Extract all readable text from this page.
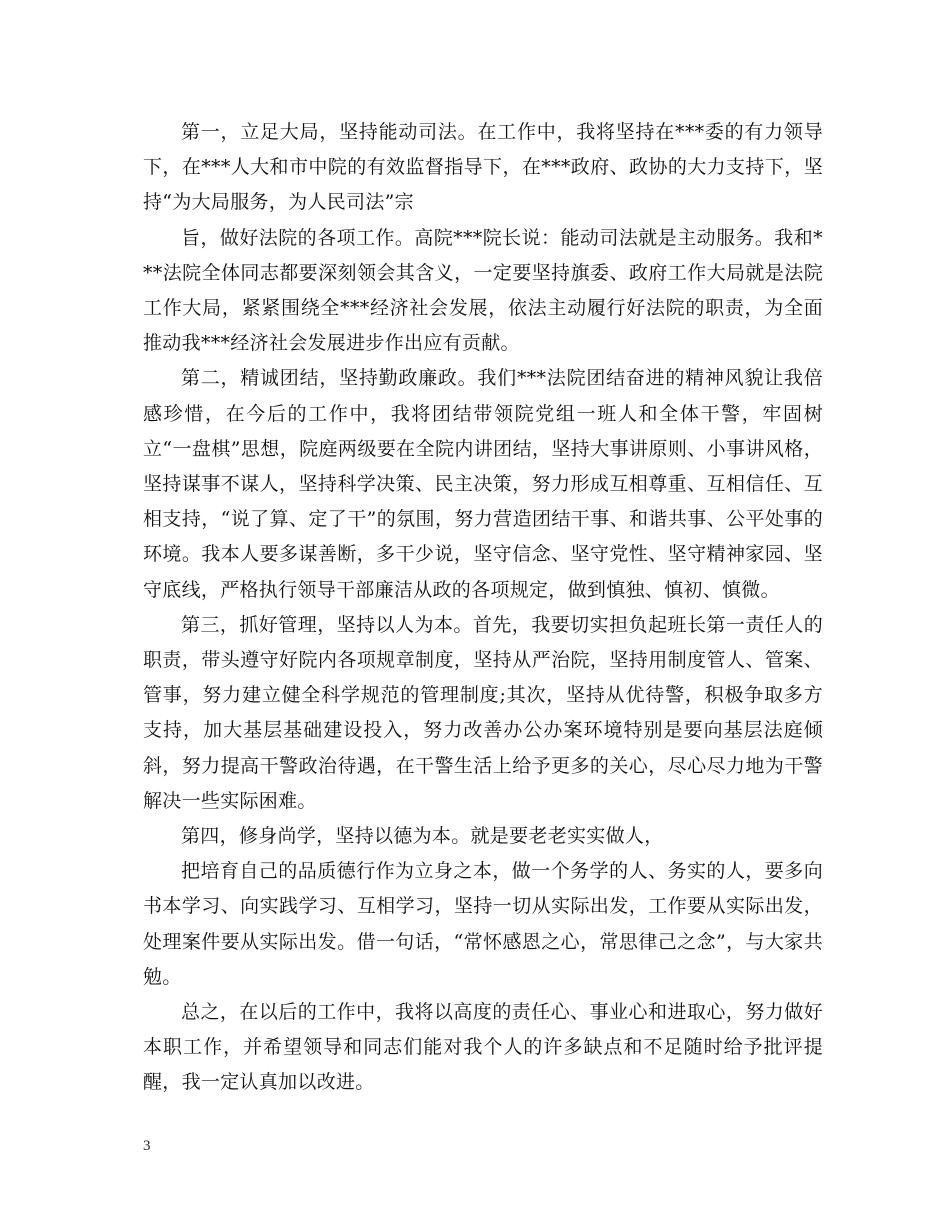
第一，立足大局，坚持能动司法。在工作中，我将坚持在***委的有力领导下，在***人大和市中院的有效监督指导下，在***政府、政协的大力支持下，坚持“为大局服务，为人民司法”宗

旨，做好法院的各项工作。高院***院长说：能动司法就是主动服务。我和***法院全体同志都要深刻领会其含义，一定要坚持旗委、政府工作大局就是法院工作大局，紧紧围绕全***经济社会发展，依法主动履行好法院的职责，为全面推动我***经济社会发展进步作出应有贡献。

第二，精诚团结，坚持勤政廉政。我们***法院团结奋进的精神风貌让我倍感珍惜，在今后的工作中，我将团结带领院党组一班人和全体干警，牢固树立“一盘棋”思想，院庭两级要在全院内讲团结，坚持大事讲原则、小事讲风格，坚持谋事不谋人，坚持科学决策、民主决策，努力形成互相尊重、互相信任、互相支持，“说了算、定了干”的氛围，努力营造团结干事、和谐共事、公平处事的环境。我本人要多谋善断，多干少说，坚守信念、坚守党性、坚守精神家园、坚守底线，严格执行领导干部廉洁从政的各项规定，做到慎独、慎初、慎微。

第三，抓好管理，坚持以人为本。首先，我要切实担负起班长第一责任人的职责，带头遵守好院内各项规章制度，坚持从严治院，坚持用制度管人、管案、管事，努力建立健全科学规范的管理制度;其次，坚持从优待警，积极争取多方支持，加大基层基础建设投入，努力改善办公办案环境特别是要向基层法庭倾斜，努力提高干警政治待遇，在干警生活上给予更多的关心，尽心尽力地为干警解决一些实际困难。

第四，修身尚学，坚持以德为本。就是要老老实实做人，

把培育自己的品质德行作为立身之本，做一个务学的人、务实的人，要多向书本学习、向实践学习、互相学习，坚持一切从实际出发，工作要从实际出发，处理案件要从实际出发。借一句话，“常怀感恩之心，常思律己之念”，与大家共勉。

总之，在以后的工作中，我将以高度的责任心、事业心和进取心，努力做好本职工作，并希望领导和同志们能对我个人的许多缺点和不足随时给予批评提醒，我一定认真加以改进。

3
